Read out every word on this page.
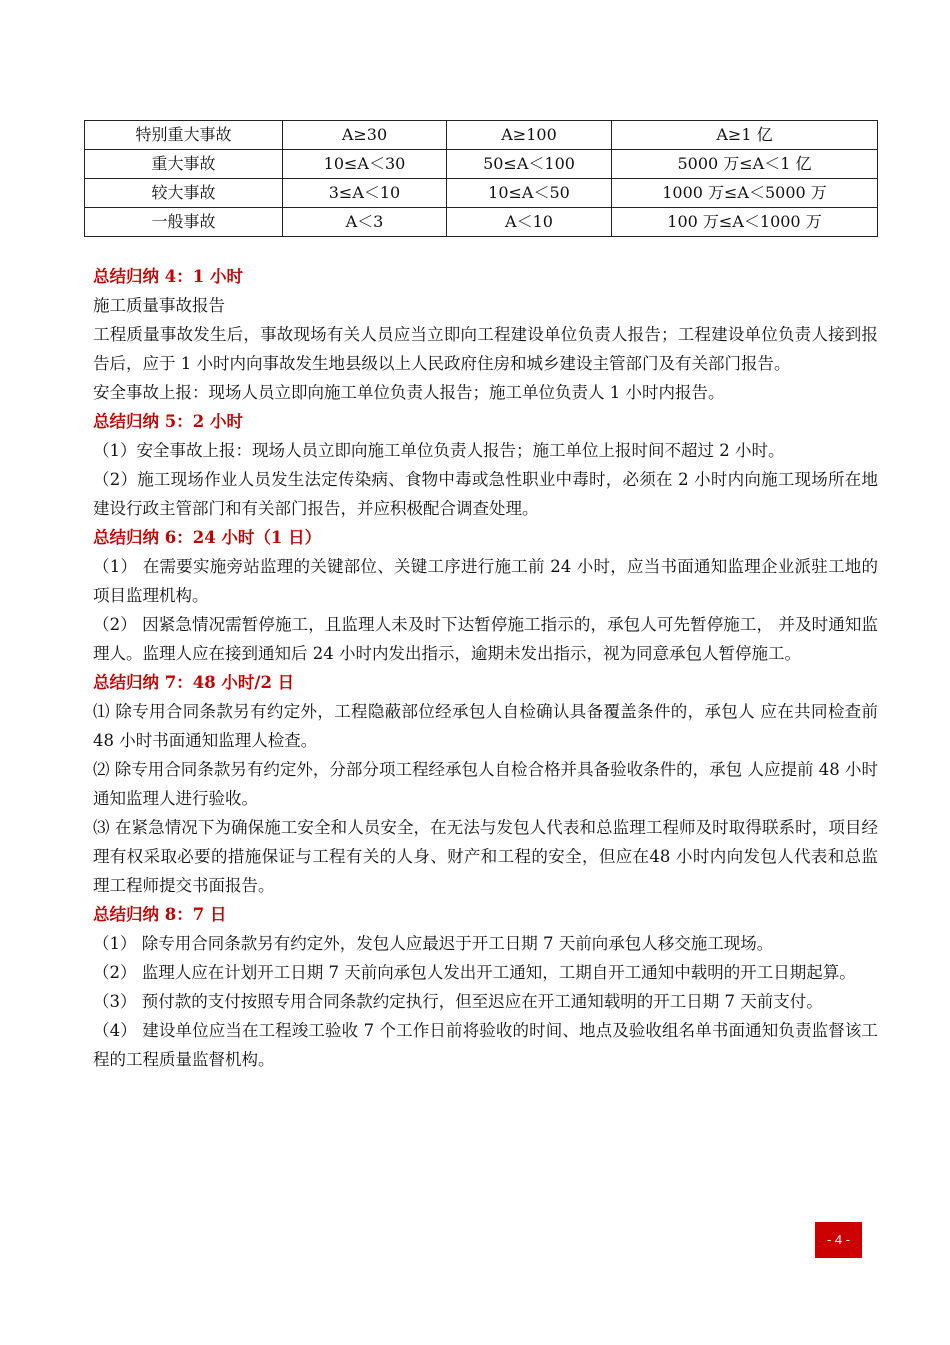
特别重大事故	A≥30	A≥100	A≥1 亿
重大事故	10≤A＜30	50≤A＜100	5000 万≤A＜1 亿
较大事故	3≤A＜10	10≤A＜50	1000 万≤A＜5000 万
一般事故	A＜3	A＜10	100 万≤A＜1000 万
总结归纳 4：1 小时
施工质量事故报告
工程质量事故发生后，事故现场有关人员应当立即向工程建设单位负责人报告；工程建设单位负责人接到报告后，应于 1 小时内向事故发生地县级以上人民政府住房和城乡建设主管部门及有关部门报告。
安全事故上报：现场人员立即向施工单位负责人报告；施工单位负责人 1 小时内报告。
总结归纳 5：2 小时
（1）安全事故上报：现场人员立即向施工单位负责人报告；施工单位上报时间不超过 2 小时。
（2）施工现场作业人员发生法定传染病、食物中毒或急性职业中毒时，必须在 2 小时内向施工现场所在地建设行政主管部门和有关部门报告，并应积极配合调查处理。
总结归纳 6：24 小时（1 日）
（1） 在需要实施旁站监理的关键部位、关键工序进行施工前 24 小时，应当书面通知监理企业派驻工地的项目监理机构。
（2） 因紧急情况需暂停施工，且监理人未及时下达暂停施工指示的，承包人可先暂停施工， 并及时通知监理人。监理人应在接到通知后 24 小时内发出指示，逾期未发出指示，视为同意承包人暂停施工。
总结归纳 7：48 小时/2 日
⑴ 除专用合同条款另有约定外，工程隐蔽部位经承包人自检确认具备覆盖条件的，承包人 应在共同检查前 48 小时书面通知监理人检查。
⑵ 除专用合同条款另有约定外，分部分项工程经承包人自检合格并具备验收条件的，承包 人应提前 48 小时通知监理人进行验收。
⑶ 在紧急情况下为确保施工安全和人员安全，在无法与发包人代表和总监理工程师及时取得联系时，项目经理有权采取必要的措施保证与工程有关的人身、财产和工程的安全，但应在48 小时内向发包人代表和总监理工程师提交书面报告。
总结归纳 8：7 日
（1） 除专用合同条款另有约定外，发包人应最迟于开工日期 7 天前向承包人移交施工现场。
（2） 监理人应在计划开工日期 7 天前向承包人发出开工通知，工期自开工通知中载明的开工日期起算。
（3） 预付款的支付按照专用合同条款约定执行，但至迟应在开工通知载明的开工日期 7 天前支付。
（4） 建设单位应当在工程竣工验收 7 个工作日前将验收的时间、地点及验收组名单书面通知负责监督该工程的工程质量监督机构。
- 4 -
